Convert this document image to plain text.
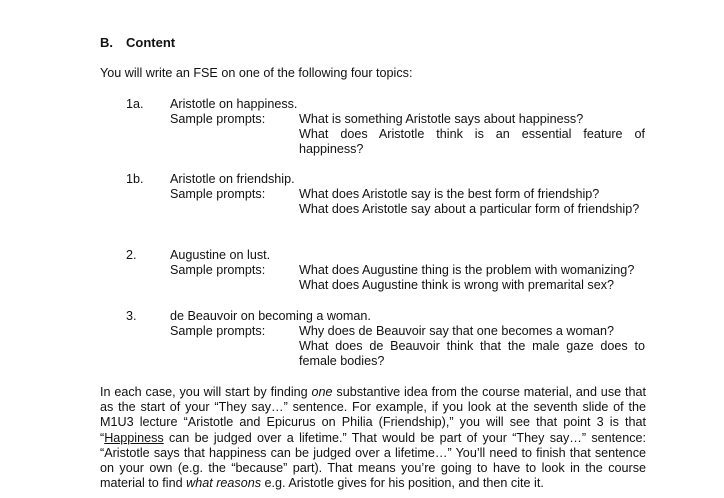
B. Content
You will write an FSE on one of the following four topics:
1a. Aristotle on happiness.
Sample prompts:	What is something Aristotle says about happiness?

What does Aristotle think is an essential feature of happiness?

1b. Aristotle on friendship.
Sample prompts:	What does Aristotle say is the best form of friendship?

What does Aristotle say about a particular form of friendship?

2.	Augustine on lust.
Sample prompts:	What does Augustine thing is the problem with womanizing?

What does Augustine think is wrong with premarital sex?

3.	de Beauvoir on becoming a woman.
Sample prompts:	Why does de Beauvoir say that one becomes a woman?

What does de Beauvoir think that the male gaze does to female bodies?

In each case, you will start by finding one substantive idea from the course material, and use that as the start of your “They say…” sentence. For example, if you look at the seventh slide of the M1U3 lecture “Aristotle and Epicurus on Philia (Friendship),” you will see that point 3 is that “Happiness can be judged over a lifetime.” That would be part of your “They say…” sentence: “Aristotle says that happiness can be judged over a lifetime…” You’ll need to finish that sentence on your own (e.g. the “because” part). That means you’re going to have to look in the course material to find what reasons e.g. Aristotle gives for his position, and then cite it.
